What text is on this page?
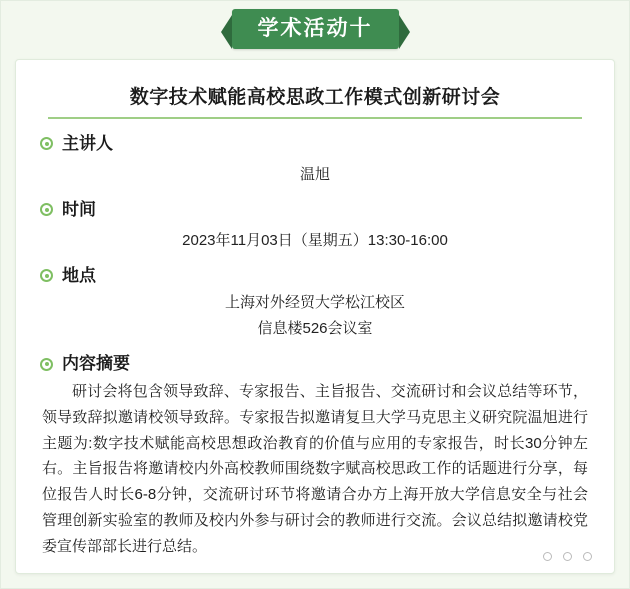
学术活动十
数字技术赋能高校思政工作模式创新研讨会
主讲人
温旭
时间
2023年11月03日（星期五）13:30-16:00
地点
上海对外经贸大学松江校区
信息楼526会议室
内容摘要
研讨会将包含领导致辞、专家报告、主旨报告、交流研讨和会议总结等环节，领导致辞拟邀请校领导致辞。专家报告拟邀请复旦大学马克思主义研究院温旭进行主题为:数字技术赋能高校思想政治教育的价值与应用的专家报告，时长30分钟左右。主旨报告将邀请校内外高校教师围绕数字赋高校思政工作的话题进行分享，每位报告人时长6-8分钟，交流研讨环节将邀请合办方上海开放大学信息安全与社会管理创新实验室的教师及校内外参与研讨会的教师进行交流。会议总结拟邀请校党委宣传部部长进行总结。
